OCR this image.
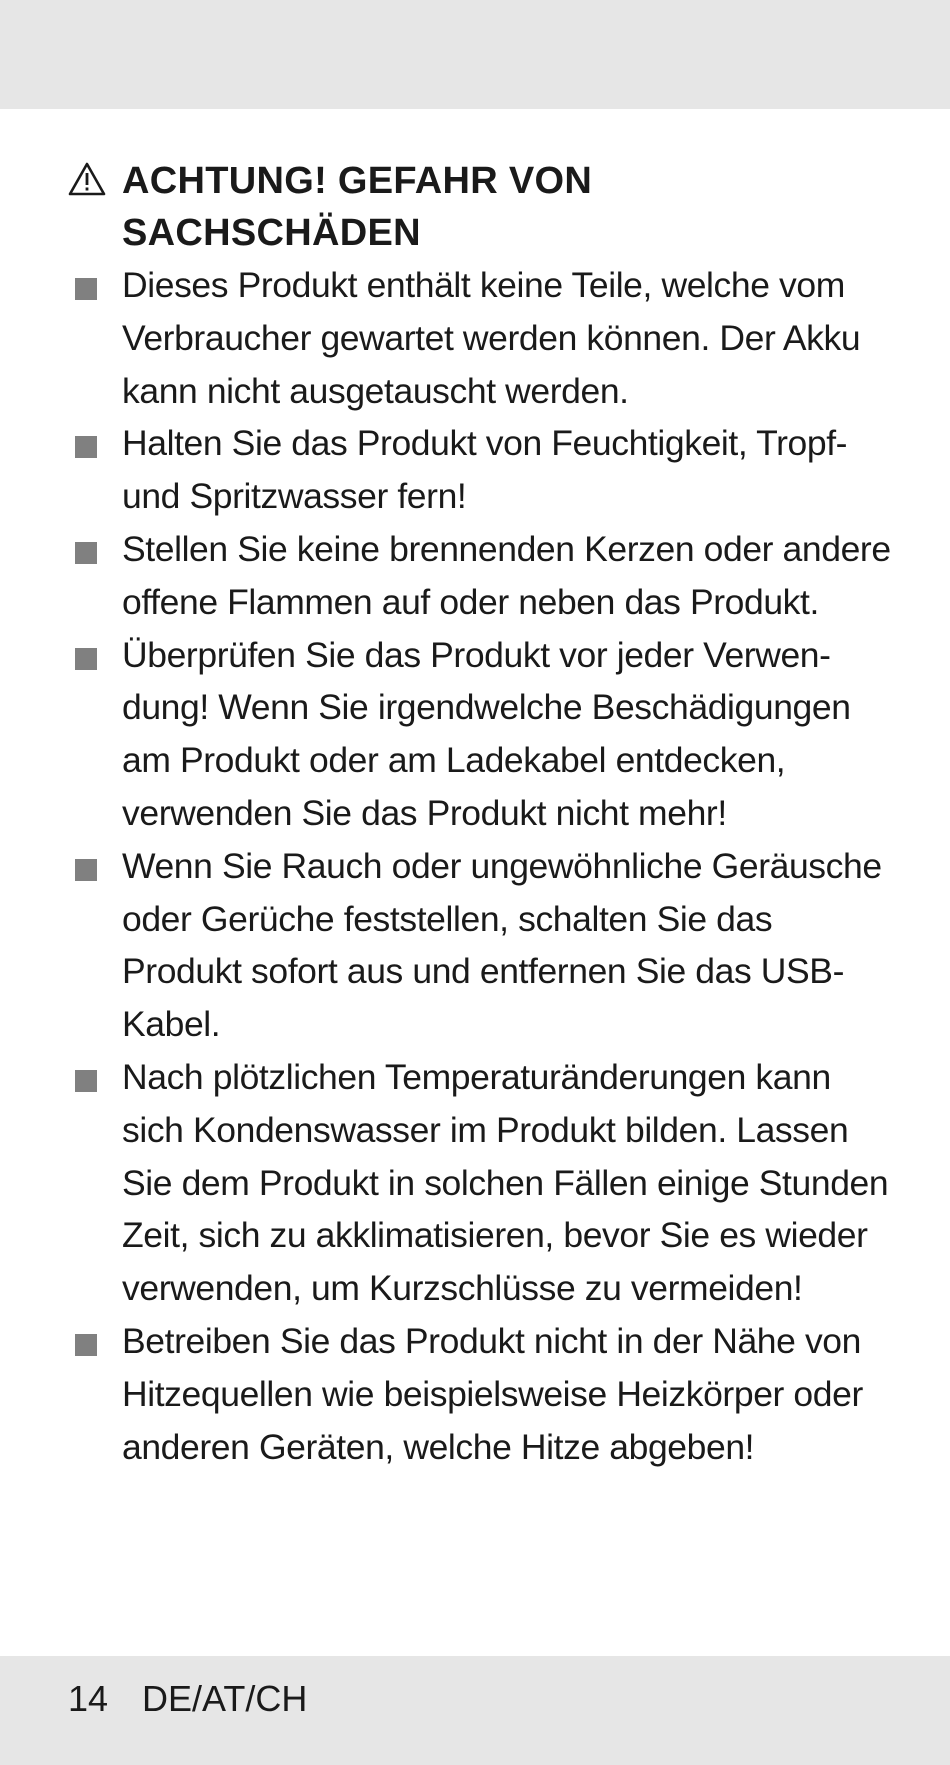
ACHTUNG! GEFAHR VON SACHSCHÄDEN
Dieses Produkt enthält keine Teile, welche vom Verbraucher gewartet werden können. Der Akku kann nicht ausgetauscht werden.
Halten Sie das Produkt von Feuchtigkeit, Tropf- und Spritzwasser fern!
Stellen Sie keine brennenden Kerzen oder andere offene Flammen auf oder neben das Produkt.
Überprüfen Sie das Produkt vor jeder Verwendung! Wenn Sie irgendwelche Beschädigungen am Produkt oder am Ladekabel entdecken, verwenden Sie das Produkt nicht mehr!
Wenn Sie Rauch oder ungewöhnliche Geräusche oder Gerüche feststellen, schalten Sie das Produkt sofort aus und entfernen Sie das USB-Kabel.
Nach plötzlichen Temperaturänderungen kann sich Kondenswasser im Produkt bilden. Lassen Sie dem Produkt in solchen Fällen einige Stunden Zeit, sich zu akklimatisieren, bevor Sie es wieder verwenden, um Kurzschlüsse zu vermeiden!
Betreiben Sie das Produkt nicht in der Nähe von Hitzequellen wie beispielsweise Heizkörper oder anderen Geräten, welche Hitze abgeben!
14 DE/AT/CH
